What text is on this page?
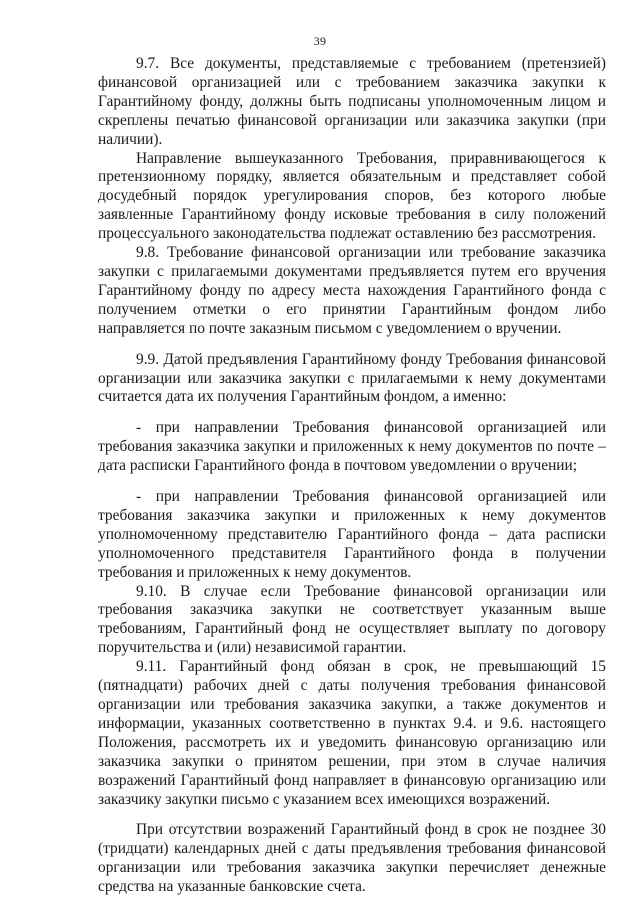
39

9.7. Все документы, представляемые с требованием (претензией) финансовой организацией или с требованием заказчика закупки к Гарантийному фонду, должны быть подписаны уполномоченным лицом и скреплены печатью финансовой организации или заказчика закупки (при наличии).

Направление вышеуказанного Требования, приравнивающегося к претензионному порядку, является обязательным и представляет собой досудебный порядок урегулирования споров, без которого любые заявленные Гарантийному фонду исковые требования в силу положений процессуального законодательства подлежат оставлению без рассмотрения.

9.8. Требование финансовой организации или требование заказчика закупки с прилагаемыми документами предъявляется путем его вручения Гарантийному фонду по адресу места нахождения Гарантийного фонда с получением отметки о его принятии Гарантийным фондом либо направляется по почте заказным письмом с уведомлением о вручении.

9.9. Датой предъявления Гарантийному фонду Требования финансовой организации или заказчика закупки с прилагаемыми к нему документами считается дата их получения Гарантийным фондом, а именно:

- при направлении Требования финансовой организацией или требования заказчика закупки и приложенных к нему документов по почте – дата расписки Гарантийного фонда в почтовом уведомлении о вручении;

- при направлении Требования финансовой организацией или требования заказчика закупки и приложенных к нему документов уполномоченному представителю Гарантийного фонда – дата расписки уполномоченного представителя Гарантийного фонда в получении требования и приложенных к нему документов.

9.10. В случае если Требование финансовой организации или требования заказчика закупки не соответствует указанным выше требованиям, Гарантийный фонд не осуществляет выплату по договору поручительства и (или) независимой гарантии.

9.11. Гарантийный фонд обязан в срок, не превышающий 15 (пятнадцати) рабочих дней с даты получения требования финансовой организации или требования заказчика закупки, а также документов и информации, указанных соответственно в пунктах 9.4. и 9.6. настоящего Положения, рассмотреть их и уведомить финансовую организацию или заказчика закупки о принятом решении, при этом в случае наличия возражений Гарантийный фонд направляет в финансовую организацию или заказчику закупки письмо с указанием всех имеющихся возражений.

При отсутствии возражений Гарантийный фонд в срок не позднее 30 (тридцати) календарных дней с даты предъявления требования финансовой организации или требования заказчика закупки перечисляет денежные средства на указанные банковские счета.
